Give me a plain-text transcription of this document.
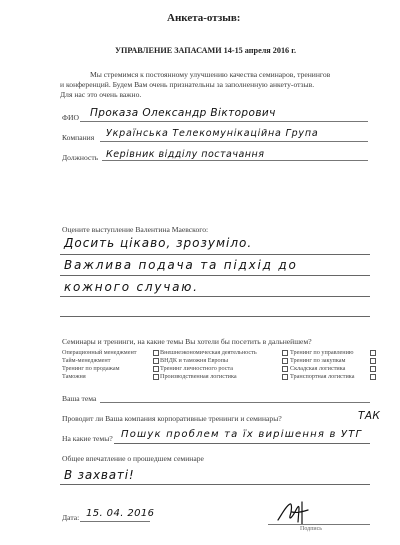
Анкета-отзыв:
УПРАВЛЕНИЕ ЗАПАСАМИ 14-15 апреля 2016 г.
Мы стремимся к постоянному улучшению качества семинаров, тренингов
и конференций. Будем Вам очень признательны за заполненную анкету-отзыв.
Для нас это очень важно.
ФИО Проказа Олександр Вікторович
Компания Українська Телекомунікаційна Група
Должность Керівник відділу постачання
Оцените выступление Валентина Маевского:
Досить цікаво, зрозуміло.
Важлива подача та підхід до
кожного случаю.
Семинары и тренинги, на какие темы Вы хотели бы посетить в дальнейшем?
Операционный менеджмент
Тайм-менеджмент
Тренинг по продажам
Таможня
Внешнеэкономическая деятельность
ВНДК и таможня Европы
Тренинг личностного роста
Производственная логистика
Тренинг по управлению
Тренинг по закупкам
Складская логистика
Транспортная логистика
Ваша тема
Проводит ли Ваша компания корпоративные тренинги и семинары?	ТАК
На какие темы? Пошук проблем та їх вирішення в УТГ
Общее впечатление о прошедшем семинаре
В захваті!
Дата: 15. 04. 2016
Подпись
